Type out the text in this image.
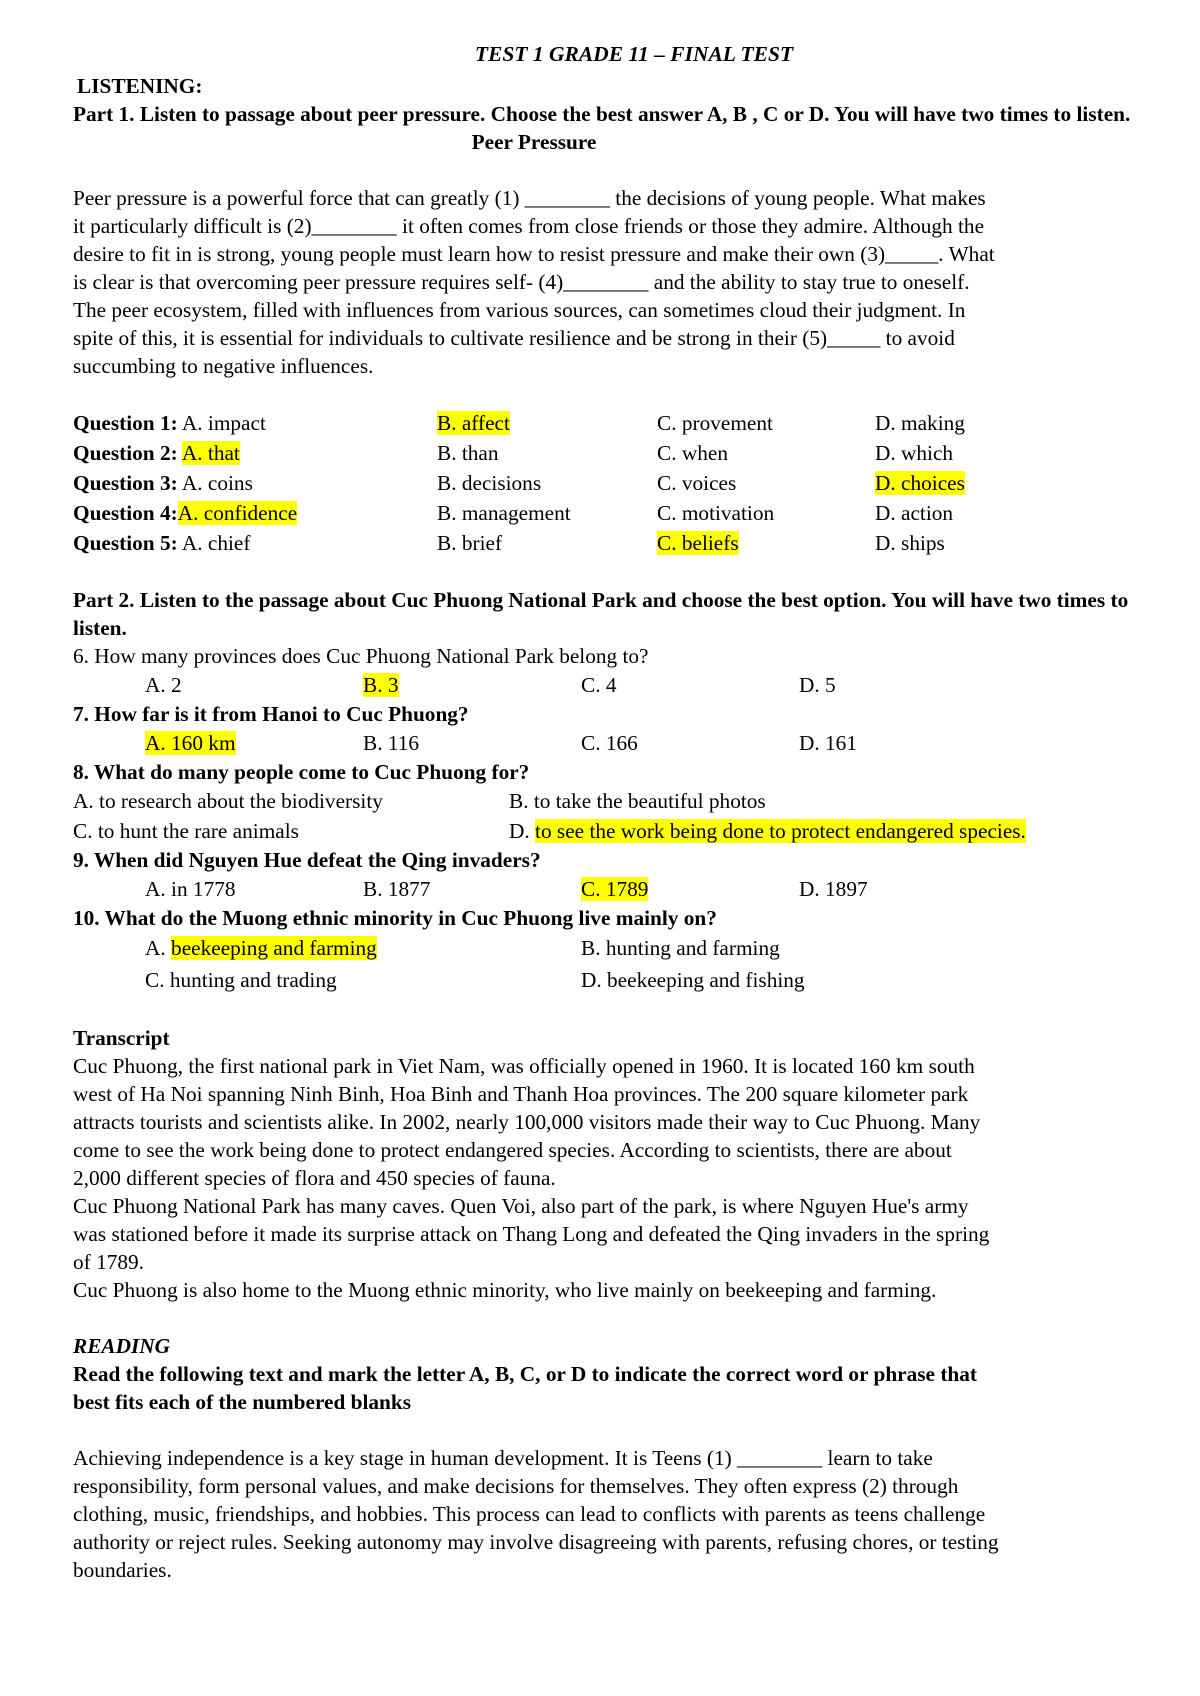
TEST 1 GRADE 11 – FINAL TEST
LISTENING:
Part 1. Listen to passage about peer pressure. Choose the best answer A, B , C or D. You will have two times to listen.
Peer Pressure
Peer pressure is a powerful force that can greatly (1) ________ the decisions of young people. What makes
it particularly difficult is (2)________ it often comes from close friends or those they admire. Although the
desire to fit in is strong, young people must learn how to resist pressure and make their own (3)_____. What
is clear is that overcoming peer pressure requires self- (4)________ and the ability to stay true to oneself.
The peer ecosystem, filled with influences from various sources, can sometimes cloud their judgment. In
spite of this, it is essential for individuals to cultivate resilience and be strong in their (5)_____ to avoid
succumbing to negative influences.
Question 1: A. impact	B. affect	C. provement	D. making
Question 2: A. that	B. than	C. when	D. which
Question 3: A. coins	B. decisions	C. voices	D. choices
Question 4:A. confidence	B. management	C. motivation	D. action
Question 5: A. chief	B. brief	C. beliefs	D. ships
Part 2. Listen to the passage about Cuc Phuong National Park and choose the best option. You will have two times to listen.
6. How many provinces does Cuc Phuong National Park belong to?
A. 2	B. 3	C. 4	D. 5
7. How far is it from Hanoi to Cuc Phuong?
A. 160 km	B. 116	C. 166	D. 161
8. What do many people come to Cuc Phuong for?
A. to research about the biodiversity	B. to take the beautiful photos
C. to hunt the rare animals	D. to see the work being done to protect endangered species.
9. When did Nguyen Hue defeat the Qing invaders?
A. in 1778	B. 1877	C. 1789	D. 1897
10. What do the Muong ethnic minority in Cuc Phuong live mainly on?
A. beekeeping and farming	B. hunting and farming
C. hunting and trading	D. beekeeping and fishing
Transcript
Cuc Phuong, the first national park in Viet Nam, was officially opened in 1960. It is located 160 km south
west of Ha Noi spanning Ninh Binh, Hoa Binh and Thanh Hoa provinces. The 200 square kilometer park
attracts tourists and scientists alike. In 2002, nearly 100,000 visitors made their way to Cuc Phuong. Many
come to see the work being done to protect endangered species. According to scientists, there are about
2,000 different species of flora and 450 species of fauna.
Cuc Phuong National Park has many caves. Quen Voi, also part of the park, is where Nguyen Hue's army
was stationed before it made its surprise attack on Thang Long and defeated the Qing invaders in the spring
of 1789.
Cuc Phuong is also home to the Muong ethnic minority, who live mainly on beekeeping and farming.
READING
Read the following text and mark the letter A, B, C, or D to indicate the correct word or phrase that
best fits each of the numbered blanks
Achieving independence is a key stage in human development. It is Teens (1) ________ learn to take
responsibility, form personal values, and make decisions for themselves. They often express (2) through
clothing, music, friendships, and hobbies. This process can lead to conflicts with parents as teens challenge
authority or reject rules. Seeking autonomy may involve disagreeing with parents, refusing chores, or testing
boundaries.
